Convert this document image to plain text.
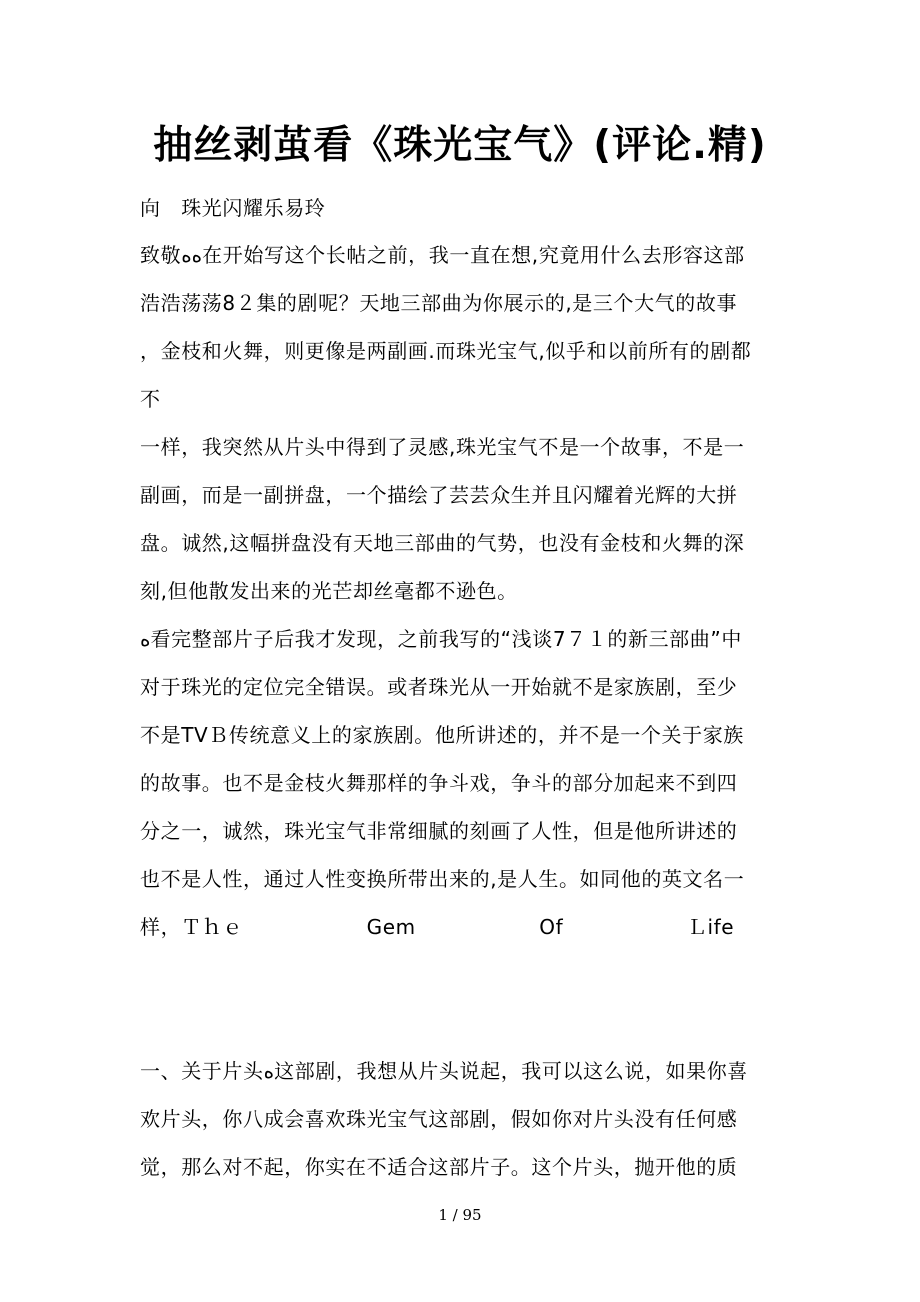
抽丝剥茧看《珠光宝气》(评论.精)
向　珠光闪耀乐易玲
致敬ﻩﻩ在开始写这个长帖之前，我一直在想,究竟用什么去形容这部
浩浩荡荡8２集的剧呢？天地三部曲为你展示的,是三个大气的故事
，金枝和火舞，则更像是两副画.而珠光宝气,似乎和以前所有的剧都
不
一样，我突然从片头中得到了灵感,珠光宝气不是一个故事，不是一
副画，而是一副拼盘，一个描绘了芸芸众生并且闪耀着光辉的大拼
盘。诚然,这幅拼盘没有天地三部曲的气势，也没有金枝和火舞的深
刻,但他散发出来的光芒却丝毫都不逊色。
ﻩ看完整部片子后我才发现，之前我写的“浅谈7７１的新三部曲”中
对于珠光的定位完全错误。或者珠光从一开始就不是家族剧，至少
不是TVＢ传统意义上的家族剧。他所讲述的，并不是一个关于家族
的故事。也不是金枝火舞那样的争斗戏，争斗的部分加起来不到四
分之一，诚然，珠光宝气非常细腻的刻画了人性，但是他所讲述的
也不是人性，通过人性变换所带出来的,是人生。如同他的英文名一
样，Ｔｈｅ　　　　　　Gem　　　　　　Of　　　　　　Ｌife
一、关于片头ﻩ这部剧，我想从片头说起，我可以这么说，如果你喜
欢片头，你八成会喜欢珠光宝气这部剧，假如你对片头没有任何感
觉，那么对不起，你实在不适合这部片子。这个片头，抛开他的质
1 / 95
